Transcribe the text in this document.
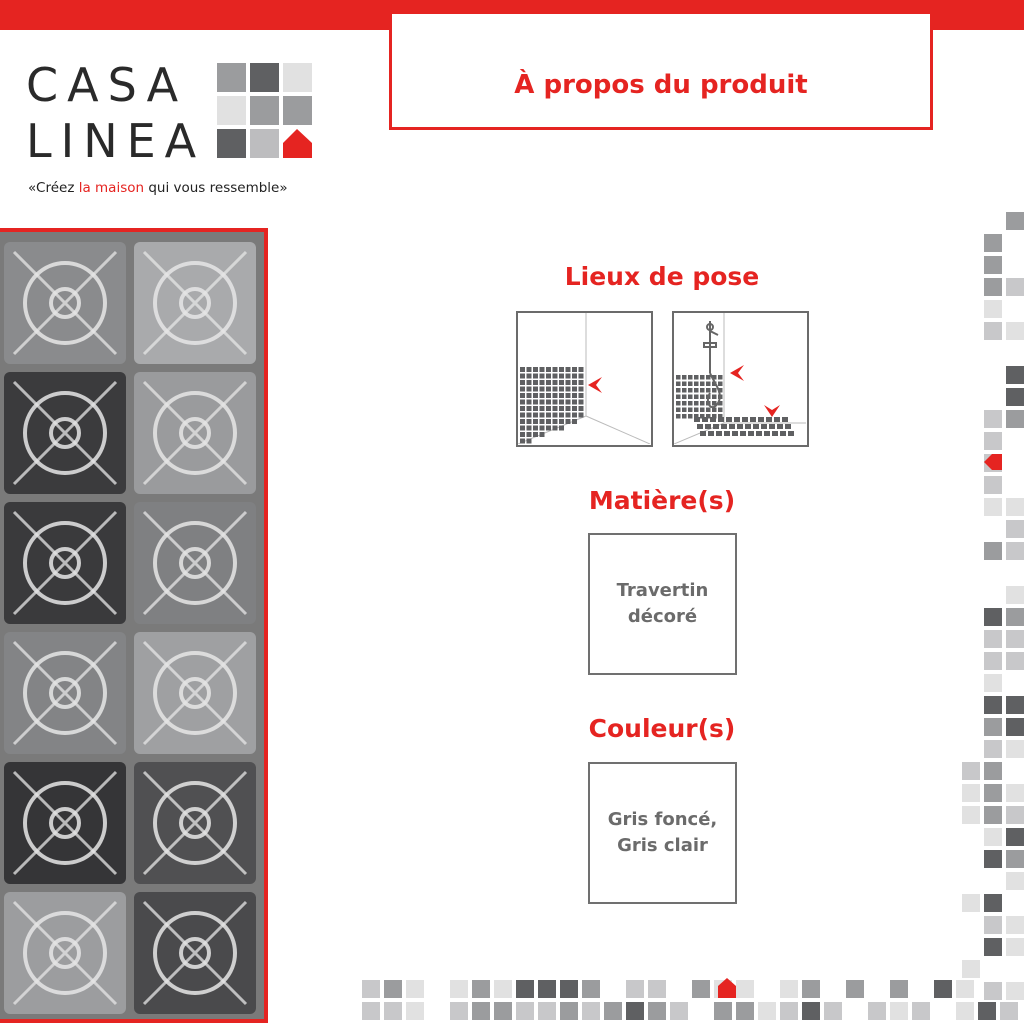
CASA
LINEA
«Créez la maison qui vous ressemble»
À propos du produit
Lieux de pose
Matière(s)
Travertin
décoré
Couleur(s)
Gris foncé,
Gris clair
